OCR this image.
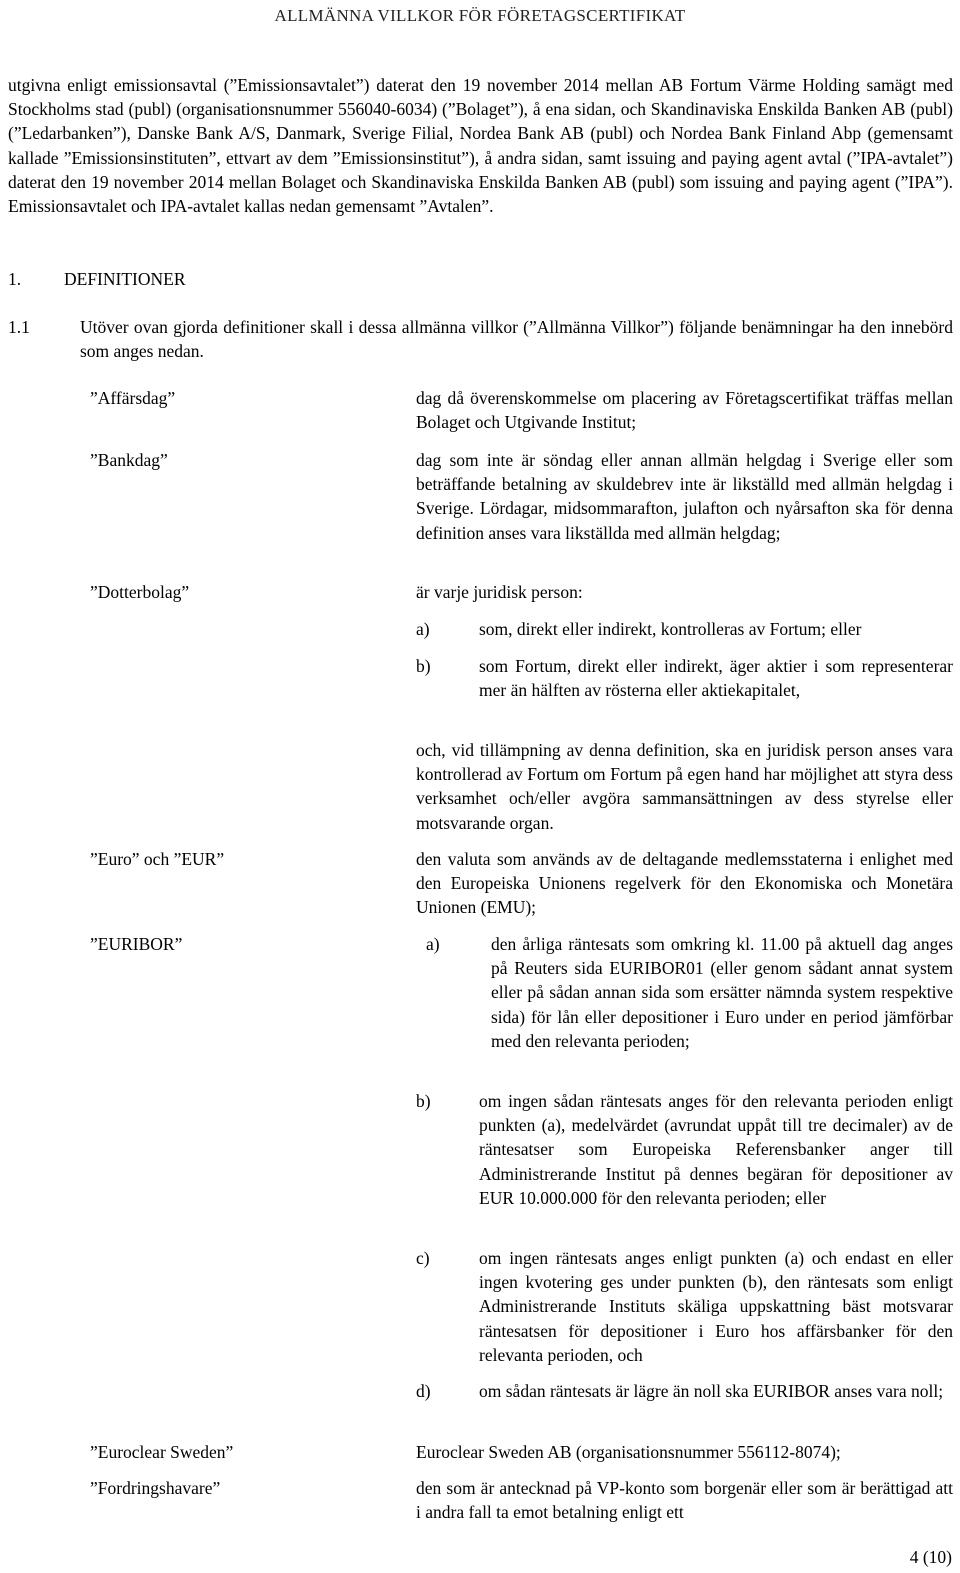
ALLMÄNNA VILLKOR FÖR FÖRETAGSCERTIFIKAT
utgivna enligt emissionsavtal (”Emissionsavtalet”) daterat den 19 november 2014 mellan AB Fortum Värme Holding samägt med Stockholms stad (publ) (organisationsnummer 556040-6034) (”Bolaget”), å ena sidan, och Skandinaviska Enskilda Banken AB (publ) (”Ledarbanken”), Danske Bank A/S, Danmark, Sverige Filial, Nordea Bank AB (publ) och Nordea Bank Finland Abp (gemensamt kallade ”Emissionsinstituten”, ettvart av dem ”Emissionsinstitut”), å andra sidan, samt issuing and paying agent avtal (”IPA-avtalet”) daterat den 19 november 2014 mellan Bolaget och Skandinaviska Enskilda Banken AB (publ) som issuing and paying agent (”IPA”). Emissionsavtalet och IPA-avtalet kallas nedan gemensamt ”Avtalen”.
1. DEFINITIONER
1.1	Utöver ovan gjorda definitioner skall i dessa allmänna villkor (”Allmänna Villkor”) följande benämningar ha den innebörd som anges nedan.
”Affärsdag”	dag då överenskommelse om placering av Företagscertifikat träffas mellan Bolaget och Utgivande Institut;
”Bankdag”	dag som inte är söndag eller annan allmän helgdag i Sverige eller som beträffande betalning av skuldebrev inte är likställd med allmän helgdag i Sverige. Lördagar, midsommarafton, julafton och nyårsafton ska för denna definition anses vara likställda med allmän helgdag;
”Dotterbolag”	är varje juridisk person:
a)	som, direkt eller indirekt, kontrolleras av Fortum; eller
b)	som Fortum, direkt eller indirekt, äger aktier i som representerar mer än hälften av rösterna eller aktiekapitalet,
och, vid tillämpning av denna definition, ska en juridisk person anses vara kontrollerad av Fortum om Fortum på egen hand har möjlighet att styra dess verksamhet och/eller avgöra sammansättningen av dess styrelse eller motsvarande organ.
”Euro” och ”EUR”	den valuta som används av de deltagande medlemsstaterna i enlighet med den Europeiska Unionens regelverk för den Ekonomiska och Monetära Unionen (EMU);
”EURIBOR”	a)	den årliga räntesats som omkring kl. 11.00 på aktuell dag anges på Reuters sida EURIBOR01 (eller genom sådant annat system eller på sådan annan sida som ersätter nämnda system respektive sida) för lån eller depositioner i Euro under en period jämförbar med den relevanta perioden;
b)	om ingen sådan räntesats anges för den relevanta perioden enligt punkten (a), medelvärdet (avrundat uppåt till tre decimaler) av de räntesatser som Europeiska Referensbanker anger till Administrerande Institut på dennes begäran för depositioner av EUR 10.000.000 för den relevanta perioden; eller
c)	om ingen räntesats anges enligt punkten (a) och endast en eller ingen kvotering ges under punkten (b), den räntesats som enligt Administrerande Instituts skäliga uppskattning bäst motsvarar räntesatsen för depositioner i Euro hos affärsbanker för den relevanta perioden, och
d)	om sådan räntesats är lägre än noll ska EURIBOR anses vara noll;
”Euroclear Sweden”	Euroclear Sweden AB (organisationsnummer 556112-8074);
”Fordringshavare”	den som är antecknad på VP-konto som borgenär eller som är berättigad att i andra fall ta emot betalning enligt ett
4 (10)
